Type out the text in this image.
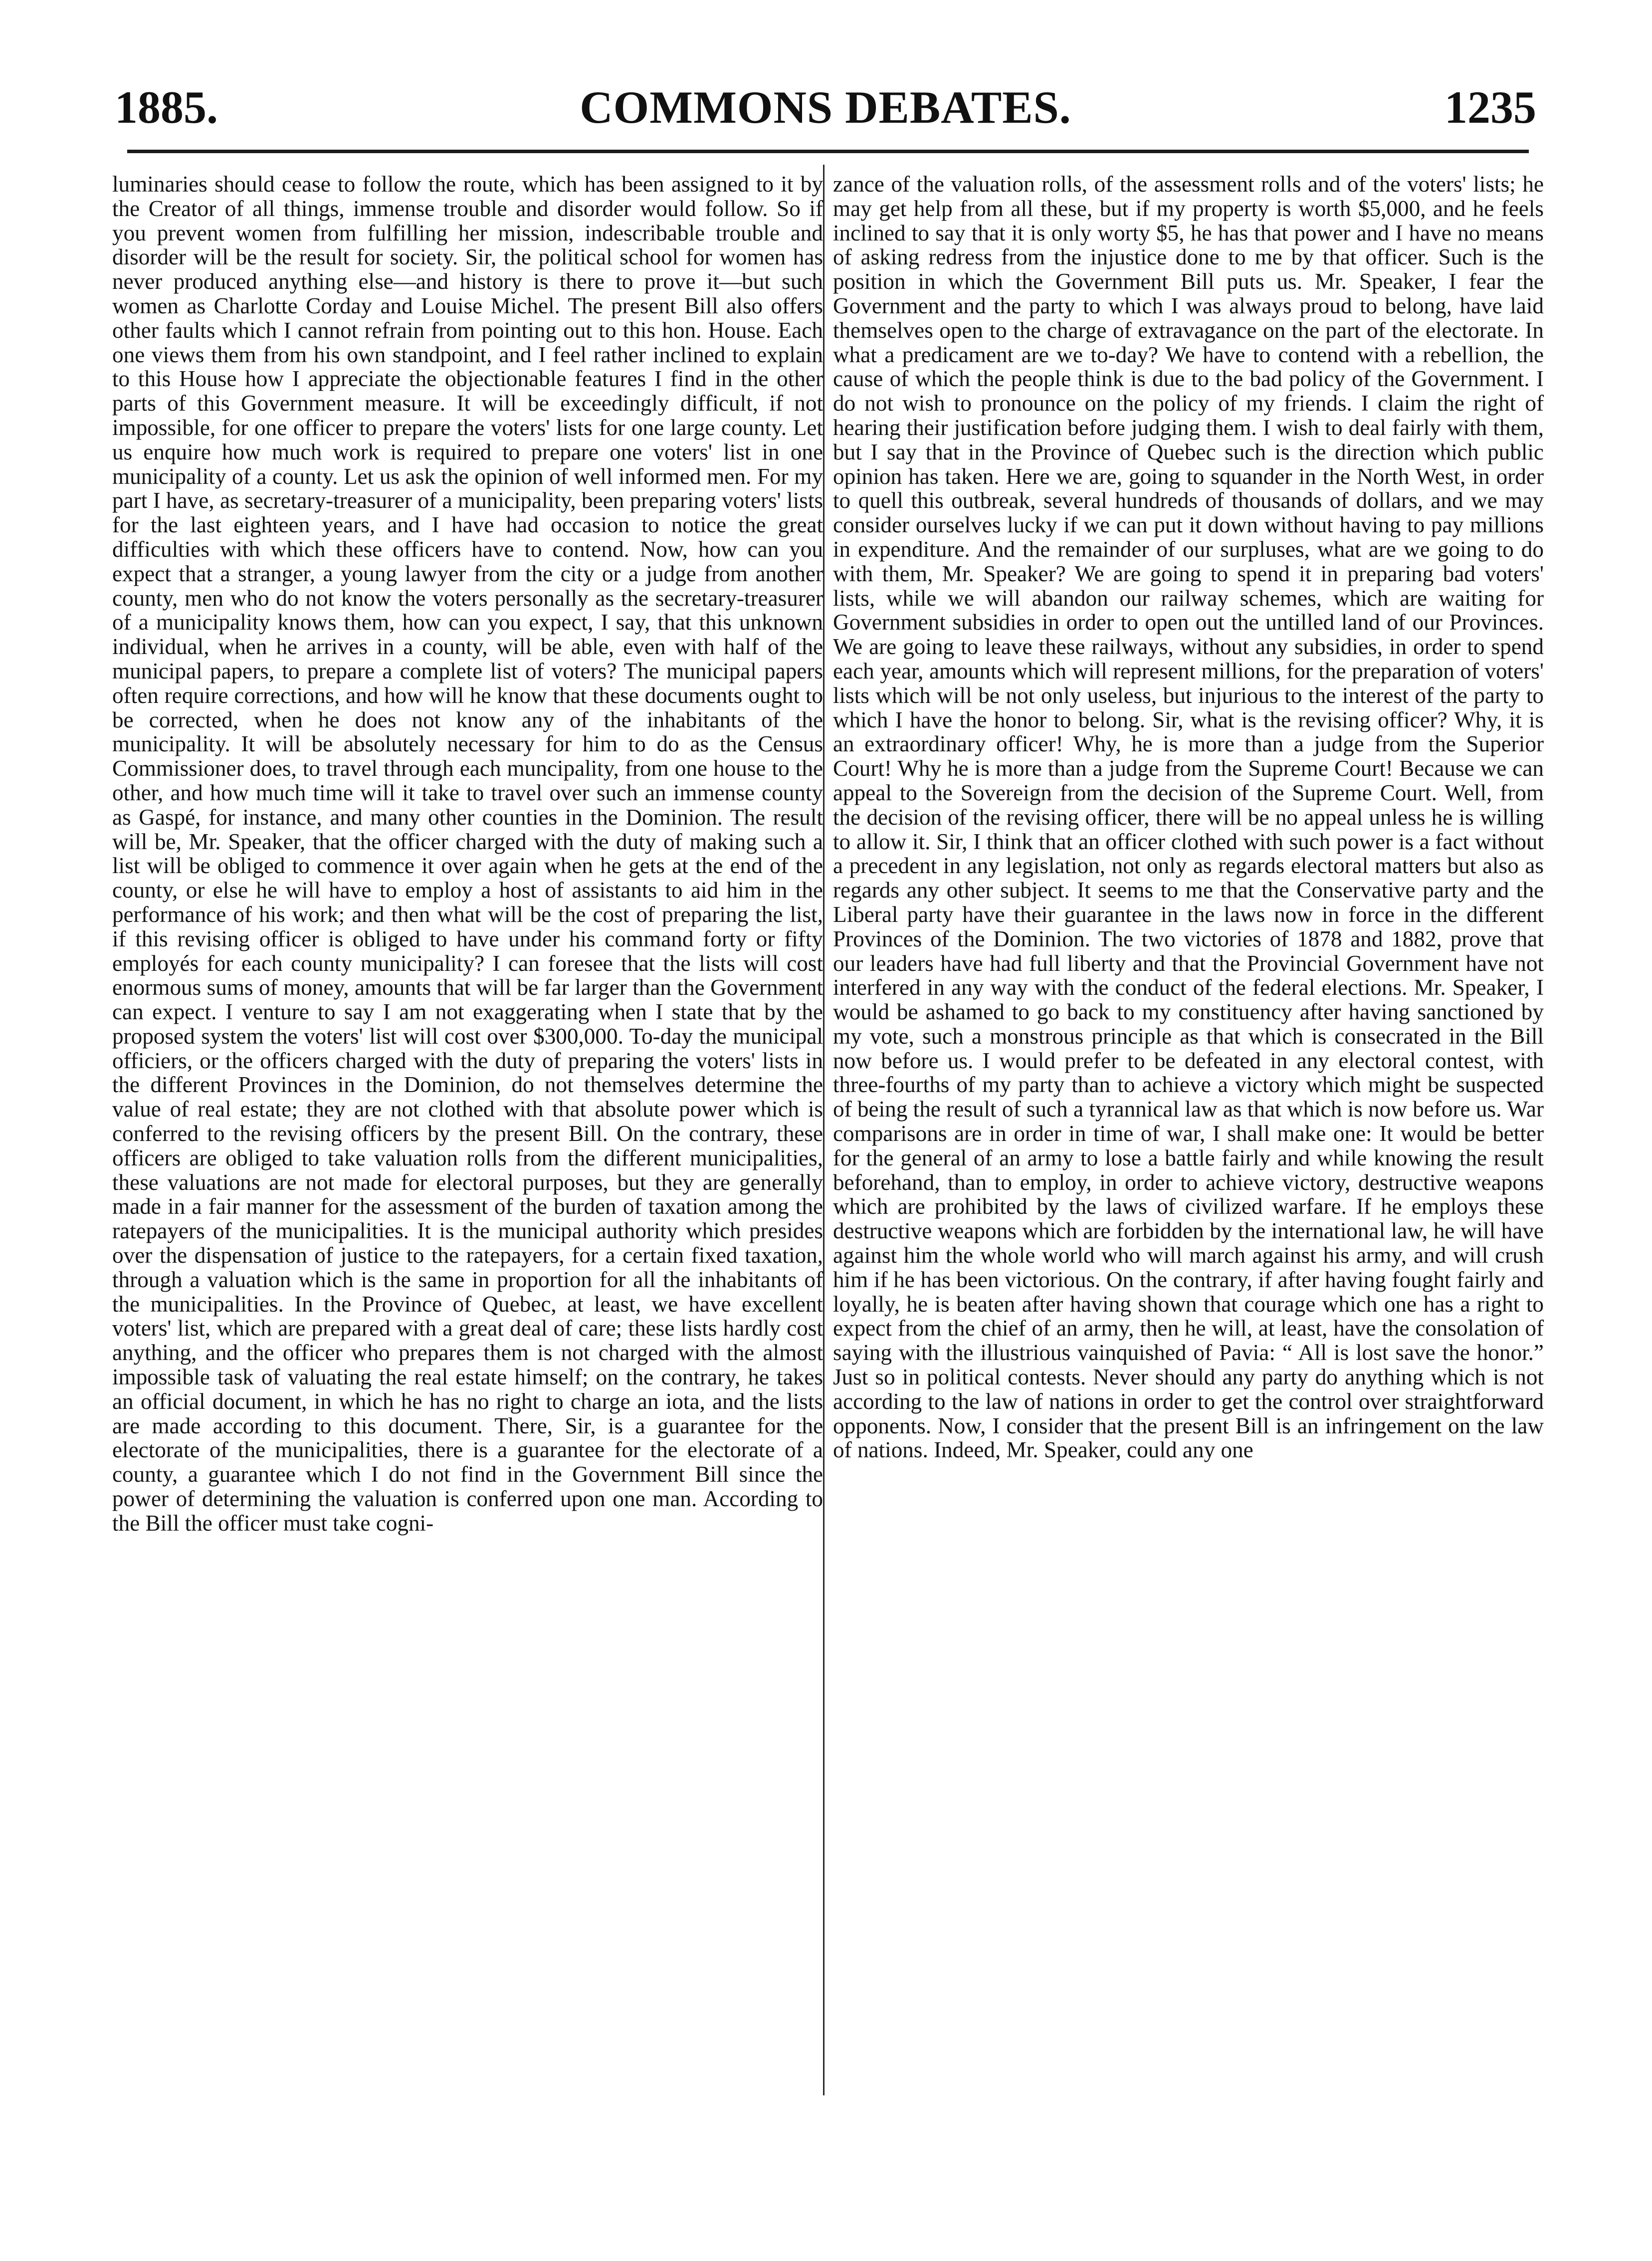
1885.	COMMONS DEBATES.	1235

luminaries should cease to follow the route, which has been assigned to it by the Creator of all things, immense trouble and disorder would follow. So if you prevent women from fulfilling her mission, indescribable trouble and disorder will be the result for society. Sir, the political school for women has never produced anything else—and history is there to prove it—but such women as Charlotte Corday and Louise Michel. The present Bill also offers other faults which I cannot refrain from pointing out to this hon. House. Each one views them from his own standpoint, and I feel rather inclined to explain to this House how I appreciate the objectionable features I find in the other parts of this Government measure. It will be exceedingly difficult, if not impossible, for one officer to prepare the voters' lists for one large county. Let us enquire how much work is required to prepare one voters' list in one municipality of a county. Let us ask the opinion of well informed men. For my part I have, as secretary-treasurer of a municipality, been preparing voters' lists for the last eighteen years, and I have had occasion to notice the great difficulties with which these officers have to contend. Now, how can you expect that a stranger, a young lawyer from the city or a judge from another county, men who do not know the voters personally as the secretary-treasurer of a municipality knows them, how can you expect, I say, that this unknown individual, when he arrives in a county, will be able, even with half of the municipal papers, to prepare a complete list of voters? The municipal papers often require corrections, and how will he know that these documents ought to be corrected, when he does not know any of the inhabitants of the municipality. It will be absolutely necessary for him to do as the Census Commissioner does, to travel through each muncipality, from one house to the other, and how much time will it take to travel over such an immense county as Gaspé, for instance, and many other counties in the Dominion. The result will be, Mr. Speaker, that the officer charged with the duty of making such a list will be obliged to commence it over again when he gets at the end of the county, or else he will have to employ a host of assistants to aid him in the performance of his work; and then what will be the cost of preparing the list, if this revising officer is obliged to have under his command forty or fifty employés for each county municipality? I can foresee that the lists will cost enormous sums of money, amounts that will be far larger than the Government can expect. I venture to say I am not exaggerating when I state that by the proposed system the voters' list will cost over $300,000. To-day the municipal officiers, or the officers charged with the duty of preparing the voters' lists in the different Provinces in the Dominion, do not themselves determine the value of real estate; they are not clothed with that absolute power which is conferred to the revising officers by the present Bill. On the contrary, these officers are obliged to take valuation rolls from the different municipalities, these valuations are not made for electoral purposes, but they are generally made in a fair manner for the assessment of the burden of taxation among the ratepayers of the municipalities. It is the municipal authority which presides over the dispensation of justice to the ratepayers, for a certain fixed taxation, through a valuation which is the same in proportion for all the inhabitants of the municipalities. In the Province of Quebec, at least, we have excellent voters' list, which are prepared with a great deal of care; these lists hardly cost anything, and the officer who prepares them is not charged with the almost impossible task of valuating the real estate himself; on the contrary, he takes an official document, in which he has no right to charge an iota, and the lists are made according to this document. There, Sir, is a guarantee for the electorate of the municipalities, there is a guarantee for the electorate of a county, a guarantee which I do not find in the Government Bill since the power of determining the valuation is conferred upon one man. According to the Bill the officer must take cogni-

zance of the valuation rolls, of the assessment rolls and of the voters' lists; he may get help from all these, but if my property is worth $5,000, and he feels inclined to say that it is only worty $5, he has that power and I have no means of asking redress from the injustice done to me by that officer. Such is the position in which the Government Bill puts us. Mr. Speaker, I fear the Government and the party to which I was always proud to belong, have laid themselves open to the charge of extravagance on the part of the electorate. In what a predicament are we to-day? We have to contend with a rebellion, the cause of which the people think is due to the bad policy of the Government. I do not wish to pronounce on the policy of my friends. I claim the right of hearing their justification before judging them. I wish to deal fairly with them, but I say that in the Province of Quebec such is the direction which public opinion has taken. Here we are, going to squander in the North West, in order to quell this outbreak, several hundreds of thousands of dollars, and we may consider ourselves lucky if we can put it down without having to pay millions in expenditure. And the remainder of our surpluses, what are we going to do with them, Mr. Speaker? We are going to spend it in preparing bad voters' lists, while we will abandon our railway schemes, which are waiting for Government subsidies in order to open out the untilled land of our Provinces. We are going to leave these railways, without any subsidies, in order to spend each year, amounts which will represent millions, for the preparation of voters' lists which will be not only useless, but injurious to the interest of the party to which I have the honor to belong. Sir, what is the revising officer? Why, it is an extraordinary officer! Why, he is more than a judge from the Superior Court! Why he is more than a judge from the Supreme Court! Because we can appeal to the Sovereign from the decision of the Supreme Court. Well, from the decision of the revising officer, there will be no appeal unless he is willing to allow it. Sir, I think that an officer clothed with such power is a fact without a precedent in any legislation, not only as regards electoral matters but also as regards any other subject. It seems to me that the Conservative party and the Liberal party have their guarantee in the laws now in force in the different Provinces of the Dominion. The two victories of 1878 and 1882, prove that our leaders have had full liberty and that the Provincial Government have not interfered in any way with the conduct of the federal elections. Mr. Speaker, I would be ashamed to go back to my constituency after having sanctioned by my vote, such a monstrous principle as that which is consecrated in the Bill now before us. I would prefer to be defeated in any electoral contest, with three-fourths of my party than to achieve a victory which might be suspected of being the result of such a tyrannical law as that which is now before us. War comparisons are in order in time of war, I shall make one: It would be better for the general of an army to lose a battle fairly and while knowing the result beforehand, than to employ, in order to achieve victory, destructive weapons which are prohibited by the laws of civilized warfare. If he employs these destructive weapons which are forbidden by the international law, he will have against him the whole world who will march against his army, and will crush him if he has been victorious. On the contrary, if after having fought fairly and loyally, he is beaten after having shown that courage which one has a right to expect from the chief of an army, then he will, at least, have the consolation of saying with the illustrious vainquished of Pavia: “ All is lost save the honor.” Just so in political contests. Never should any party do anything which is not according to the law of nations in order to get the control over straightforward opponents. Now, I consider that the present Bill is an infringement on the law of nations. Indeed, Mr. Speaker, could any one
